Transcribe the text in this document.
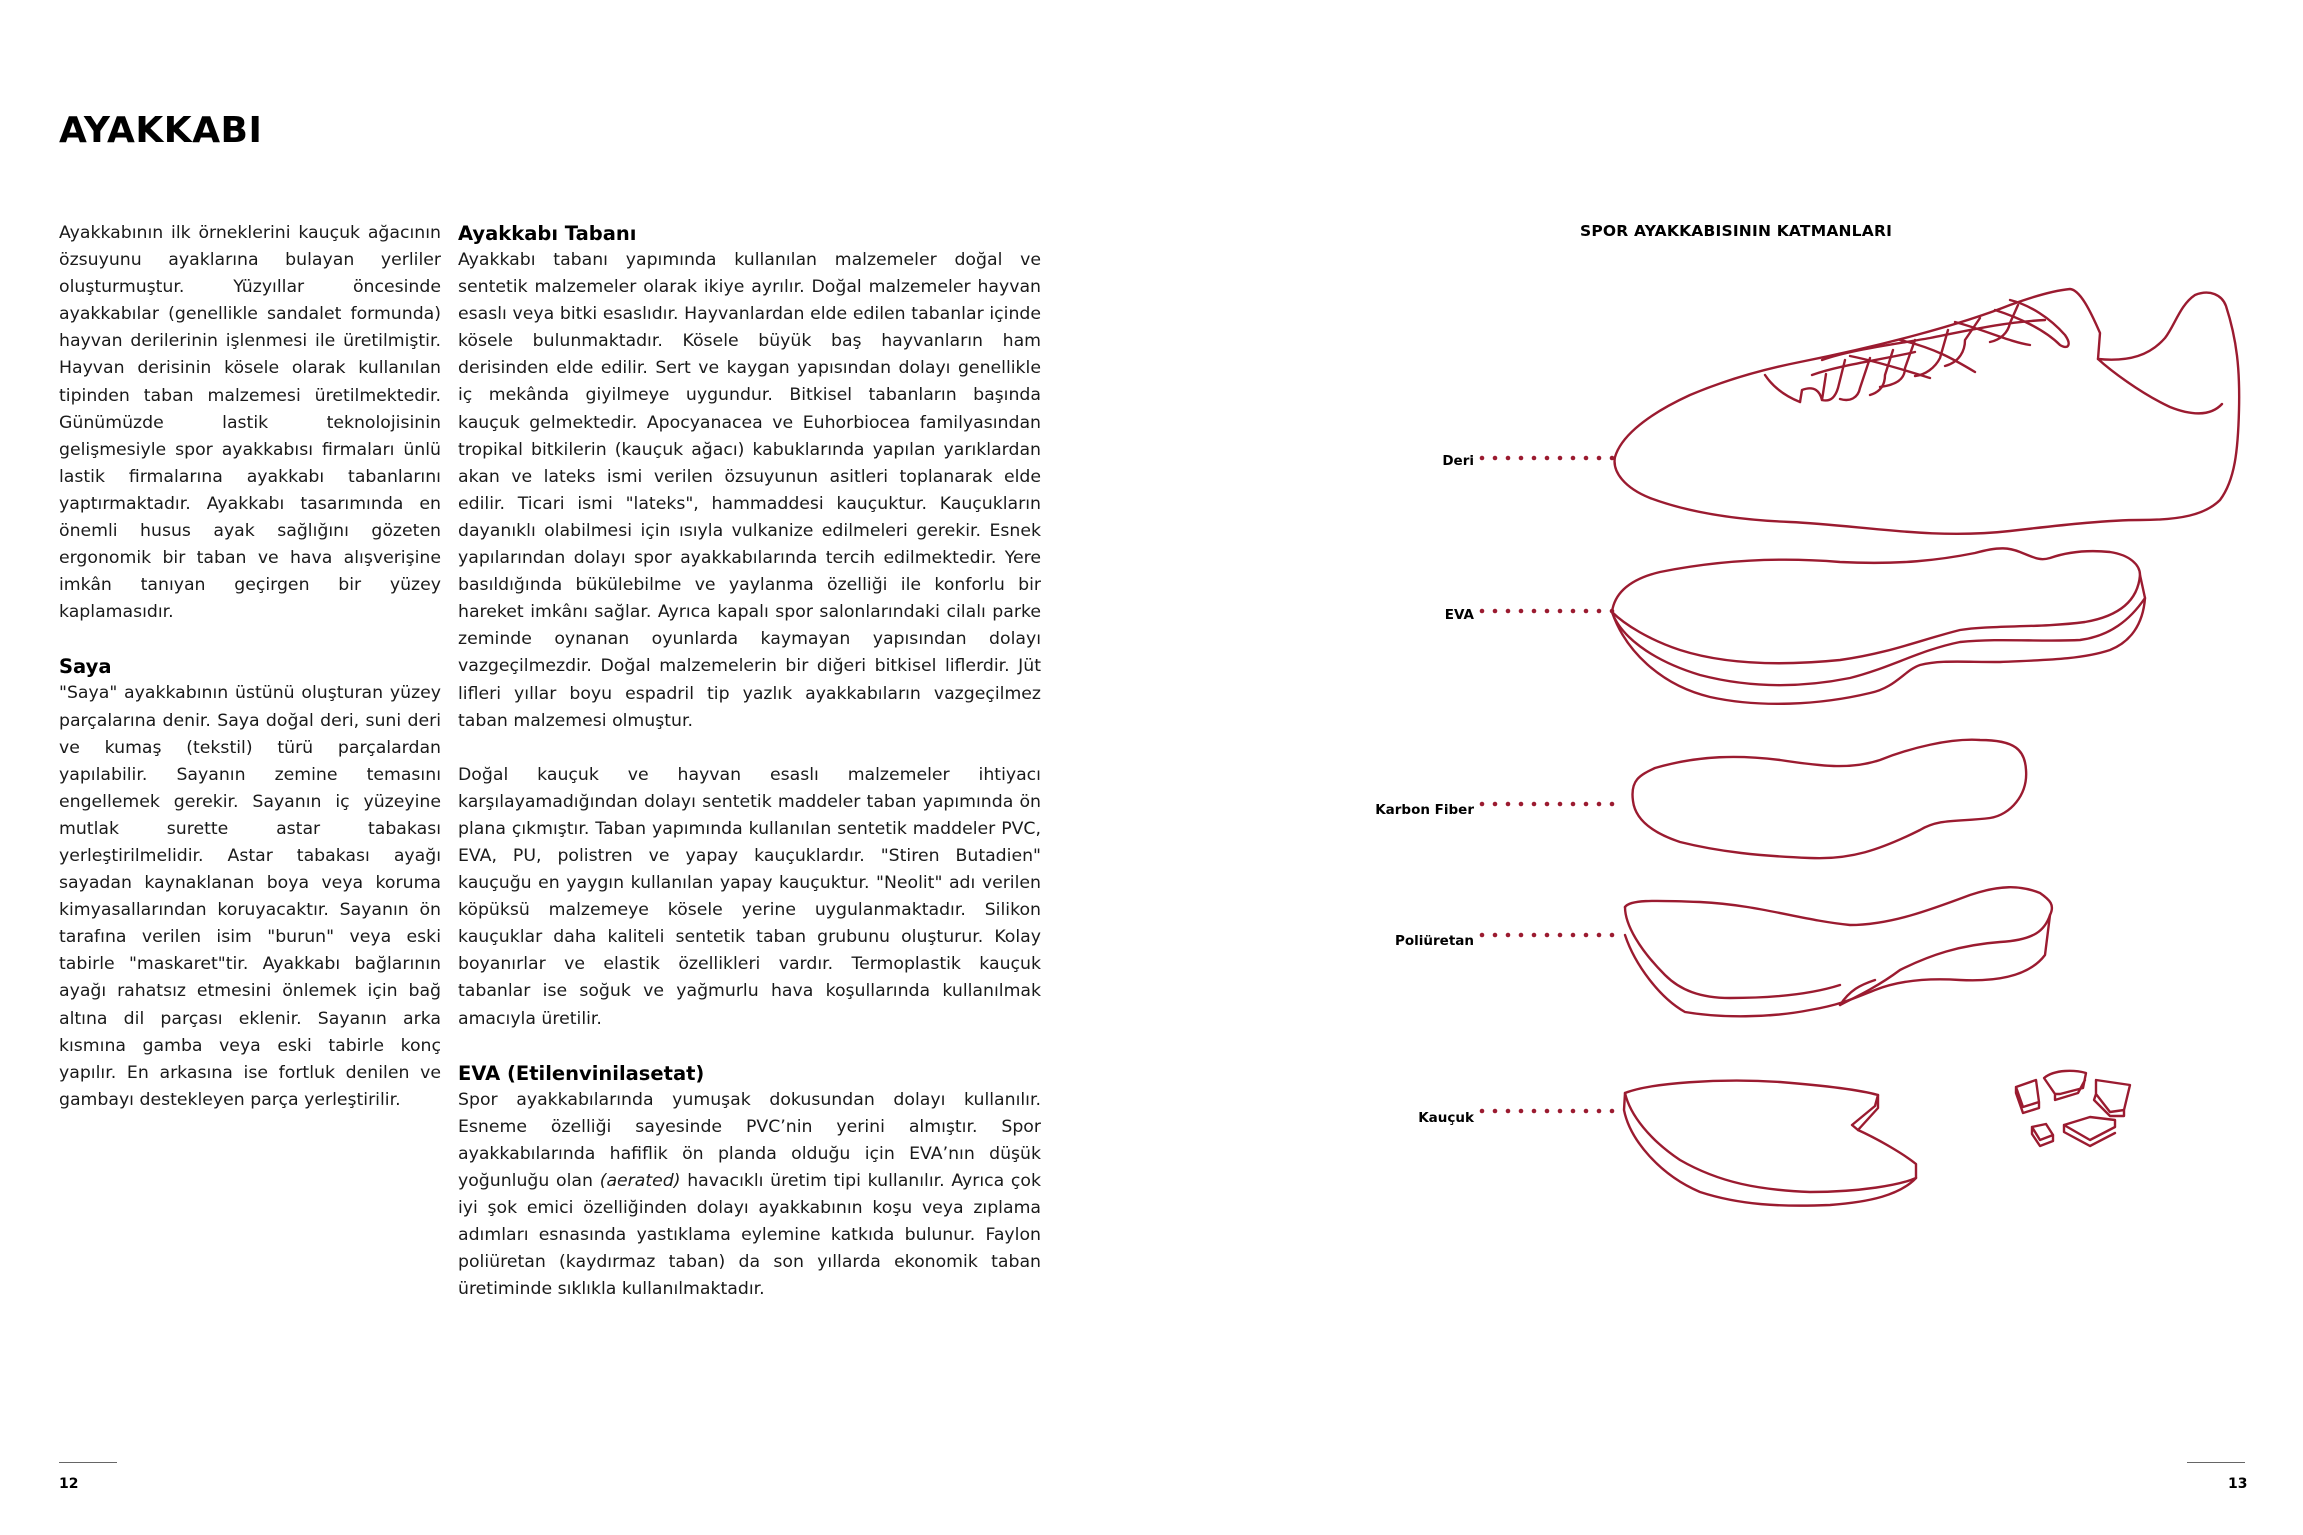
AYAKKABI

Ayakkabının ilk örneklerini kauçuk ağacının özsuyunu ayaklarına bulayan yerliler oluşturmuştur. Yüzyıllar öncesinde ayakkabılar (genellikle sandalet formunda) hayvan derilerinin işlenmesi ile üretilmiştir. Hayvan derisinin kösele olarak kullanılan tipinden taban malzemesi üretilmektedir. Günümüzde lastik teknolojisinin gelişmesiyle spor ayakkabısı firmaları ünlü lastik firmalarına ayakkabı tabanlarını yaptırmaktadır. Ayakkabı tasarımında en önemli husus ayak sağlığını gözeten ergonomik bir taban ve hava alışverişine imkân tanıyan geçirgen bir yüzey kaplamasıdır.

Saya

"Saya" ayakkabının üstünü oluşturan yüzey parçalarına denir. Saya doğal deri, suni deri ve kumaş (tekstil) türü parçalardan yapılabilir. Sayanın zemine temasını engellemek gerekir. Sayanın iç yüzeyine mutlak surette astar tabakası yerleştirilmelidir. Astar tabakası ayağı sayadan kaynaklanan boya veya koruma kimyasallarından koruyacaktır. Sayanın ön tarafına verilen isim "burun" veya eski tabirle "maskaret"tir. Ayakkabı bağlarının ayağı rahatsız etmesini önlemek için bağ altına dil parçası eklenir. Sayanın arka kısmına gamba veya eski tabirle konç yapılır. En arkasına ise fortluk denilen ve gambayı destekleyen parça yerleştirilir.

Ayakkabı Tabanı

Ayakkabı tabanı yapımında kullanılan malzemeler doğal ve sentetik malzemeler olarak ikiye ayrılır. Doğal malzemeler hayvan esaslı veya bitki esaslıdır. Hayvanlardan elde edilen tabanlar içinde kösele bulunmaktadır. Kösele büyük baş hayvanların ham derisinden elde edilir. Sert ve kaygan yapısından dolayı genellikle iç mekânda giyilmeye uygundur. Bitkisel tabanların başında kauçuk gelmektedir. Apocyanacea ve Euhorbiocea familyasından tropikal bitkilerin (kauçuk ağacı) kabuklarında yapılan yarıklardan akan ve lateks ismi verilen özsuyunun asitleri toplanarak elde edilir. Ticari ismi "lateks", hammaddesi kauçuktur. Kauçukların dayanıklı olabilmesi için ısıyla vulkanize edilmeleri gerekir. Esnek yapılarından dolayı spor ayakkabılarında tercih edilmektedir. Yere basıldığında bükülebilme ve yaylanma özelliği ile konforlu bir hareket imkânı sağlar. Ayrıca kapalı spor salonlarındaki cilalı parke zeminde oynanan oyunlarda kaymayan yapısından dolayı vazgeçilmezdir. Doğal malzemelerin bir diğeri bitkisel liflerdir. Jüt lifleri yıllar boyu espadril tip yazlık ayakkabıların vazgeçilmez taban malzemesi olmuştur.

Doğal kauçuk ve hayvan esaslı malzemeler ihtiyacı karşılayamadığından dolayı sentetik maddeler taban yapımında ön plana çıkmıştır. Taban yapımında kullanılan sentetik maddeler PVC, EVA, PU, polistren ve yapay kauçuklardır. "Stiren Butadien" kauçuğu en yaygın kullanılan yapay kauçuktur. "Neolit" adı verilen köpüksü malzemeye kösele yerine uygulanmaktadır. Silikon kauçuklar daha kaliteli sentetik taban grubunu oluşturur. Kolay boyanırlar ve elastik özellikleri vardır. Termoplastik kauçuk tabanlar ise soğuk ve yağmurlu hava koşullarında kullanılmak amacıyla üretilir.

EVA (Etilenvinilasetat)

Spor ayakkabılarında yumuşak dokusundan dolayı kullanılır. Esneme özelliği sayesinde PVC’nin yerini almıştır. Spor ayakkabılarında hafiflik ön planda olduğu için EVA’nın düşük yoğunluğu olan (aerated) havacıklı üretim tipi kullanılır. Ayrıca çok iyi şok emici özelliğinden dolayı ayakkabının koşu veya zıplama adımları esnasında yastıklama eylemine katkıda bulunur. Faylon poliüretan (kaydırmaz taban) da son yıllarda ekonomik taban üretiminde sıklıkla kullanılmaktadır.

SPOR AYAKKABISININ KATMANLARI
Deri
EVA
Karbon Fiber
Poliüretan
Kauçuk
12	13
